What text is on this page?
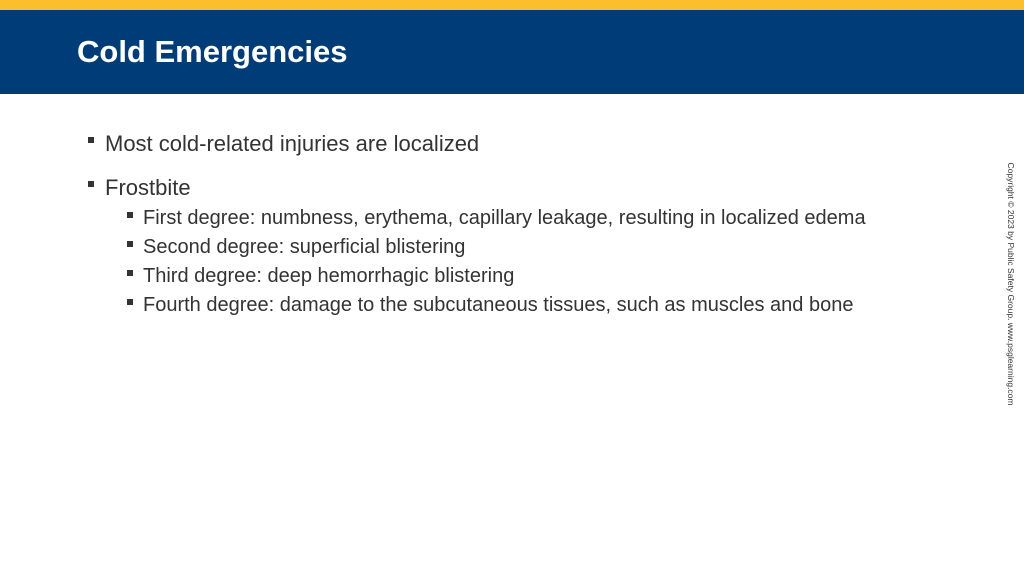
Cold Emergencies
Most cold-related injuries are localized
Frostbite
First degree: numbness, erythema, capillary leakage, resulting in localized edema
Second degree: superficial blistering
Third degree: deep hemorrhagic blistering
Fourth degree: damage to the subcutaneous tissues, such as muscles and bone	Copyright © 2023 by Public Safety Group. www.psglearning.com
